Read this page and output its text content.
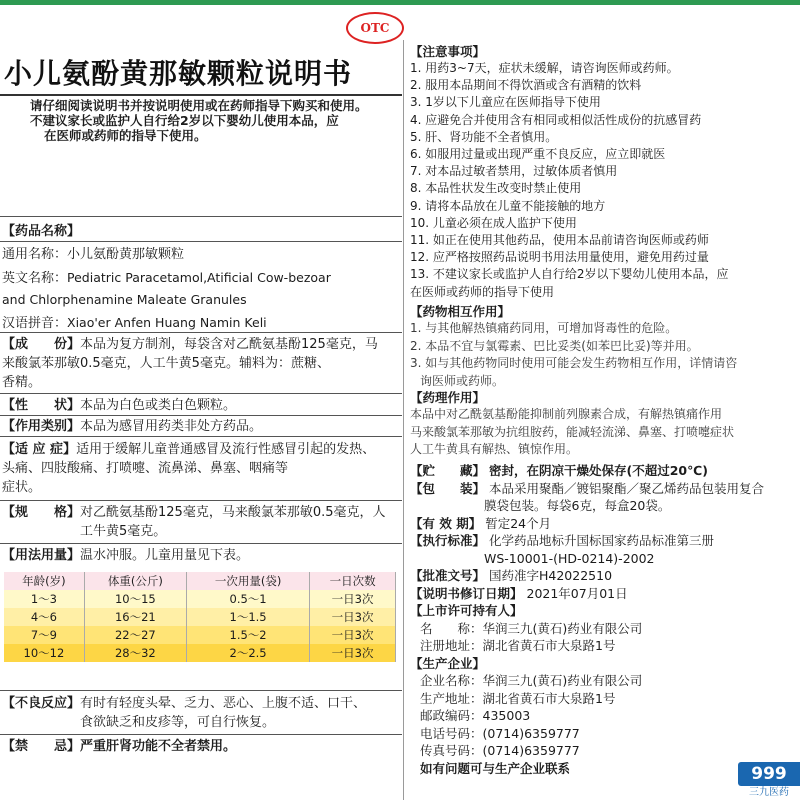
OTC
小儿氨酚黄那敏颗粒说明书
请仔细阅读说明书并按说明使用或在药师指导下购买和使用。
不建议家长或监护人自行给2岁以下婴幼儿使用本品，应
在医师或药师的指导下使用。
【药品名称】
通用名称：小儿氨酚黄那敏颗粒
英文名称：Pediatric Paracetamol,Atificial Cow-bezoar
and Chlorphenamine Maleate Granules
汉语拼音：Xiao'er Anfen Huang Namin Keli
【成　　份】本品为复方制剂，每袋含对乙酰氨基酚125毫克，马
来酸氯苯那敏0.5毫克，人工牛黄5毫克。辅料为：蔗糖、
香精。
【性　　状】本品为白色或类白色颗粒。
【作用类别】本品为感冒用药类非处方药品。
【适 应 症】适用于缓解儿童普通感冒及流行性感冒引起的发热、
头痛、四肢酸痛、打喷嚏、流鼻涕、鼻塞、咽痛等
症状。
【规　　格】对乙酰氨基酚125毫克，马来酸氯苯那敏0.5毫克，人
工牛黄5毫克。
【用法用量】温水冲服。儿童用量见下表。
年龄(岁)	体重(公斤)	一次用量(袋)	一日次数
1～3	10～15	0.5～1	一日3次
4～6	16～21	1～1.5	一日3次
7～9	22～27	1.5～2	一日3次
10～12	28～32	2～2.5	一日3次
【不良反应】有时有轻度头晕、乏力、恶心、上腹不适、口干、
食欲缺乏和皮疹等，可自行恢复。
【禁　　忌】严重肝肾功能不全者禁用。
【注意事项】
1. 用药3~7天，症状未缓解，请咨询医师或药师。
2. 服用本品期间不得饮酒或含有酒精的饮料
3. 1岁以下儿童应在医师指导下使用
4. 应避免合并使用含有相同或相似活性成份的抗感冒药
5. 肝、肾功能不全者慎用。
6. 如服用过量或出现严重不良反应，应立即就医
7. 对本品过敏者禁用，过敏体质者慎用
8. 本品性状发生改变时禁止使用
9. 请将本品放在儿童不能接触的地方
10. 儿童必须在成人监护下使用
11. 如正在使用其他药品，使用本品前请咨询医师或药师
12. 应严格按照药品说明书用法用量使用，避免用药过量
13. 不建议家长或监护人自行给2岁以下婴幼儿使用本品，应
在医师或药师的指导下使用
【药物相互作用】
1. 与其他解热镇痛药同用，可增加肾毒性的危险。
2. 本品不宜与氯霉素、巴比妥类(如苯巴比妥)等并用。
3. 如与其他药物同时使用可能会发生药物相互作用，详情请咨
询医师或药师。
【药理作用】
本品中对乙酰氨基酚能抑制前列腺素合成，有解热镇痛作用
马来酸氯苯那敏为抗组胺药，能减轻流涕、鼻塞、打喷嚏症状
人工牛黄具有解热、镇惊作用。
【贮　　藏】 密封，在阴凉干燥处保存(不超过20℃)
【包　　装】 本品采用聚酯／镀铝聚酯／聚乙烯药品包装用复合
膜袋包装。每袋6克，每盒20袋。
【有 效 期】 暂定24个月
【执行标准】 化学药品地标升国标国家药品标准第三册
WS-10001-(HD-0214)-2002
【批准文号】 国药准字H42022510
【说明书修订日期】 2021年07月01日
【上市许可持有人】
名　　称：华润三九(黄石)药业有限公司
注册地址：湖北省黄石市大泉路1号
【生产企业】
企业名称：华润三九(黄石)药业有限公司
生产地址：湖北省黄石市大泉路1号
邮政编码：435003
电话号码：(0714)6359777
传真号码：(0714)6359777
如有问题可与生产企业联系	999
三九医药
